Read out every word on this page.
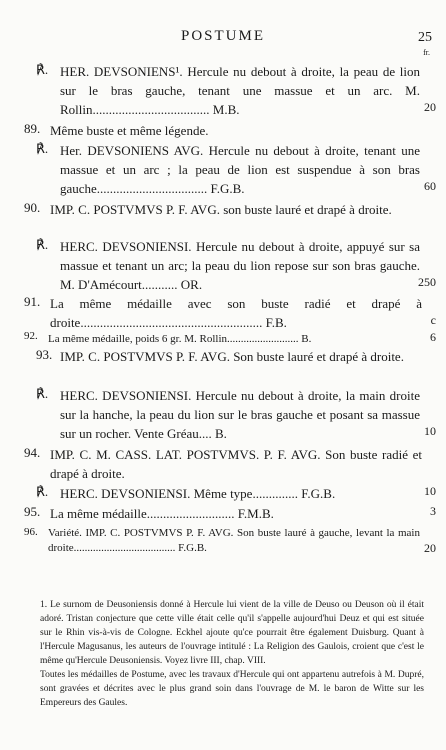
POSTUME	25
fr.
℟. HER. DEVSONIENS¹. Hercule nu debout à droite, la peau de lion sur le bras gauche, tenant une massue et un arc. M. Rollin.................................... M.B.	20
89. Même buste et même légende.
℟. Her. DEVSONIENS AVG. Hercule nu debout à droite, tenant une massue et un arc ; la peau de lion est suspendue à son bras gauche.................................. F.G.B.	60
90. IMP. C. POSTVMVS P. F. AVG. son buste lauré et drapé à droite.
℟. HERC. DEVSONIENSI. Hercule nu debout à droite, appuyé sur sa massue et tenant un arc; la peau du lion repose sur son bras gauche. M. D'Amécourt........... OR.	250
91. La même médaille avec son buste radié et drapé à droite........................................................ F.B.	c
92. La même médaille, poids 6 gr. M. Rollin.......................... B.	6
93. IMP. C. POSTVMVS P. F. AVG. Son buste lauré et drapé à droite.
℟. HERC. DEVSONIENSI. Hercule nu debout à droite, la main droite sur la hanche, la peau du lion sur le bras gauche et posant sa massue sur un rocher. Vente Gréau.... B.	10
94. IMP. C. M. CASS. LAT. POSTVMVS. P. F. AVG. Son buste radié et drapé à droite.
℟. HERC. DEVSONIENSI. Même type.............. F.G.B.	10
95. La même médaille........................... F.M.B.	3
96. Variété. IMP. C. POSTVMVS P. F. AVG. Son buste lauré à gauche, levant la main droite..................................... F.G.B.	20
1. Le surnom de Deusoniensis donné à Hercule lui vient de la ville de Deuso ou Deuson où il était adoré. Tristan conjecture que cette ville était celle qu'il s'appelle aujourd'hui Deuz et qui est située sur le Rhin vis-à-vis de Cologne. Eckhel ajoute qu'ce pourrait être également Duisburg. Quant à l'Hercule Magusanus, les auteurs de l'ouvrage intitulé : La Religion des Gaulois, croient que c'est le même qu'Hercule Deusoniensis. Voyez livre III, chap. VIII.
Toutes les médailles de Postume, avec les travaux d'Hercule qui ont appartenu autrefois à M. Dupré, sont gravées et décrites avec le plus grand soin dans l'ouvrage de M. le baron de Witte sur les Empereurs des Gaules.
